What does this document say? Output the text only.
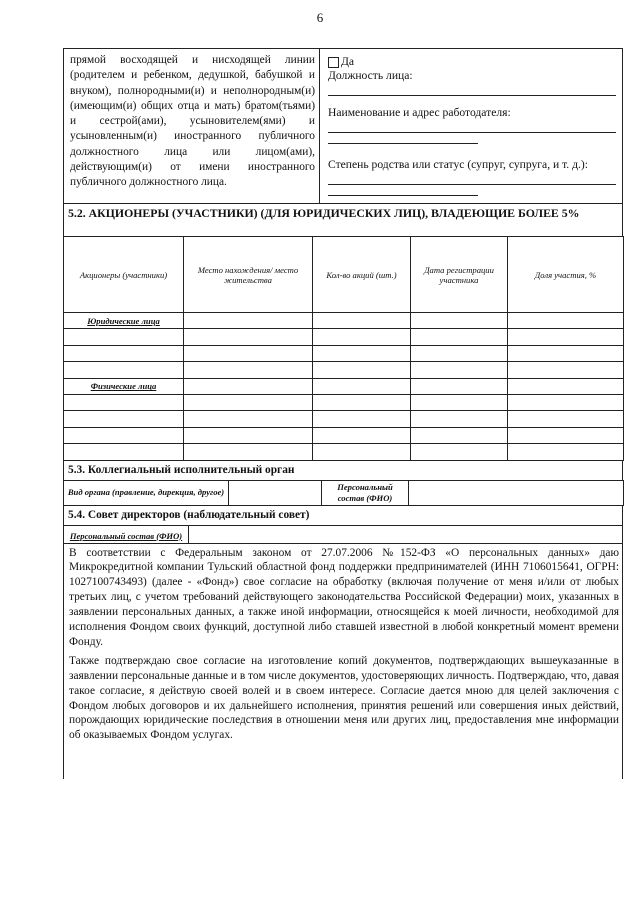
6
прямой восходящей и нисходящей линии (родителем и ребенком, дедушкой, бабушкой и внуком), полнородными(и) и неполнородным(и) (имеющим(и) общих отца и мать) братом(тьями) и сестрой(ами), усыновителем(ями) и усыновленным(и) иностранного публичного должностного лица или лицом(ами), действующим(и) от имени иностранного публичного должностного лица.
Да
Должность лица:
Наименование и адрес работодателя:
Степень родства или статус (супруг, супруга, и т. д.):
5.2. АКЦИОНЕРЫ (УЧАСТНИКИ) (ДЛЯ ЮРИДИЧЕСКИХ ЛИЦ), ВЛАДЕЮЩИЕ БОЛЕЕ 5%
Акционеры (участники)	Место нахождения/ место жительства	Кол-во акций (шт.)	Дата регистрации участника	Доля участия, %
Юридические лица				

Физические лица				

5.3. Коллегиальный исполнительный орган
Вид органа (правление, дирекция, другое)		Персональный состав (ФИО)	
5.4. Совет директоров (наблюдательный совет)
Персональный состав (ФИО)

В соответствии с Федеральным законом от 27.07.2006 №152-ФЗ «О персональных данных» даю Микрокредитной компании Тульский областной фонд поддержки предпринимателей (ИНН 7106015641, ОГРН: 1027100743493) (далее - «Фонд») свое согласие на обработку (включая получение от меня и/или от любых третьих лиц, с учетом требований действующего законодательства Российской Федерации) моих, указанных в заявлении персональных данных, а также иной информации, относящейся к моей личности, необходимой для исполнения Фондом своих функций, доступной либо ставшей известной в любой конкретный момент времени Фонду.

Также подтверждаю свое согласие на изготовление копий документов, подтверждающих вышеуказанные в заявлении персональные данные и в том числе документов, удостоверяющих личность. Подтверждаю, что, давая такое согласие, я действую своей волей и в своем интересе. Согласие дается мною для целей заключения с Фондом любых договоров и их дальнейшего исполнения, принятия решений или совершения иных действий, порождающих юридические последствия в отношении меня или других лиц, предоставления мне информации об оказываемых Фондом услугах.
